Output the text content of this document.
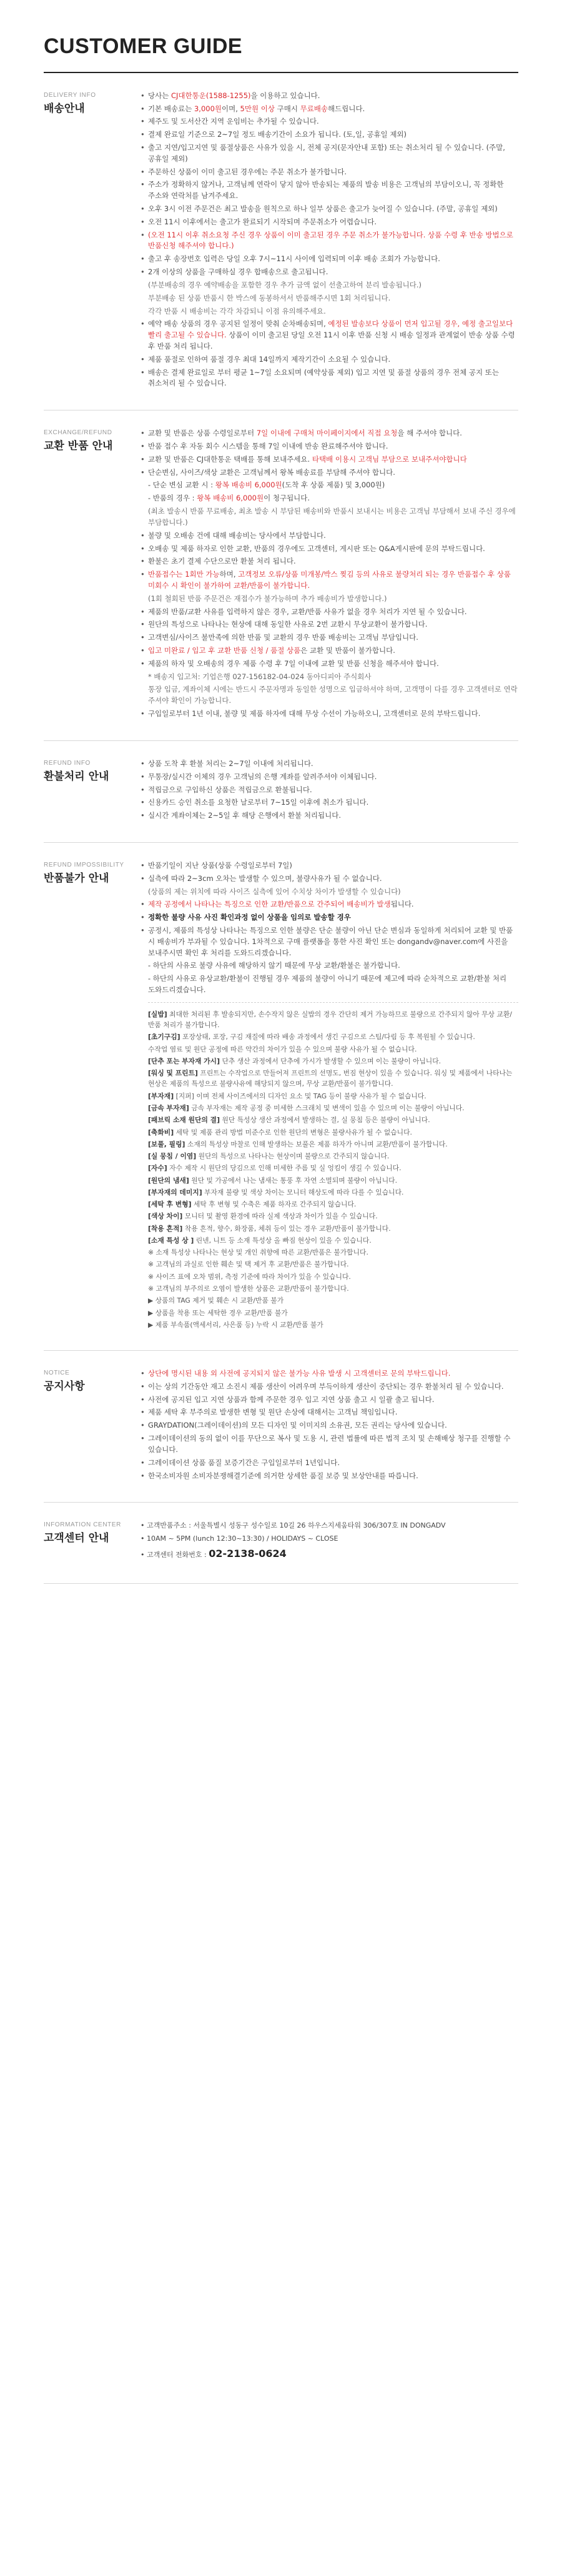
CUSTOMER GUIDE
DELIVERY INFO
배송안내
• 당사는 CJ대한통운(1588-1255)을 이용하고 있습니다.
• 기본 배송료는 3,000원이며, 5만원 이상 구매시 무료배송해드립니다.
• 제주도 및 도서산간 지역 운임비는 추가될 수 있습니다.
• 결제 완료일 기준으로 2~7일 정도 배송기간이 소요가 됩니다. (토,일, 공휴일 제외)
• 출고 지연/입고지연 및 품절상품은 사유가 있을 시, 전체 공지(문자안내 포함) 또는 취소처리 될 수 있습니다. (주말, 공휴일 제외)
• 주문하신 상품이 이미 출고된 경우에는 주문 취소가 불가합니다.
• 주소가 정확하지 않거나, 고객님께 연락이 닿지 않아 반송되는 제품의 발송 비용은 고객님의 부담이오니, 꼭 정확한 주소와 연락처를 남겨주세요.
• 오후 3시 이전 주문건은 최고 발송을 원칙으로 하나 일부 상품은 출고가 늦어질 수 있습니다. (주말, 공휴일 제외)
• 오전 11시 이후에서는 출고가 완료되기 시작되며 주문취소가 어렵습니다.
• (오전 11시 이후 취소요청 주신 경우 상품이 이미 출고된 경우 주문 취소가 불가능합니다. 상품 수령 후 반송 방법으로 반품신청 해주셔야 합니다.)
• 출고 후 송장번호 입력은 당일 오후 7시~11시 사이에 입력되며 이후 배송 조회가 가능합니다.
• 2개 이상의 상품을 구매하실 경우 합배송으로 출고됩니다.
(부분배송의 경우 예약배송을 포함한 경우 추가 금액 없이 선출고하여 분리 발송됩니다.)
부분배송 된 상품 반품시 한 박스에 동봉하셔서 반품해주시면 1회 처리됩니다.
각각 반품 시 배송비는 각각 차감되니 이점 유의해주세요.
• 예약 배송 상품의 경우 공지된 일정이 맞춰 순차배송되며, 예정된 발송보다 상품이 먼저 입고될 경우, 예정 출고일보다 빨리 출고될 수 있습니다. 상품이 이미 출고된 당일 오전 11시 이후 반품 신청 시 배송 일정과 관계없이 반송 상품 수령 후 반품 처리 됩니다.
• 제품 품절로 인하여 품절 경우 최대 14일까지 제작기간이 소요될 수 있습니다.
• 배송은 결제 완료일로 부터 평균 1~7일 소요되며 (예약상품 제외) 입고 지연 및 품절 상품의 경우 전체 공지 또는 취소처리 될 수 있습니다.
EXCHANGE/REFUND
교환 반품 안내
• 교환 및 반품은 상품 수령일로부터 7일 이내에 구매처 마이페이지에서 직접 요청을 해 주셔야 합니다.
• 반품 접수 후 자동 회수 시스템을 통해 7일 이내에 반송 완료해주셔야 합니다.
• 교환 및 반품은 CJ대한통운 택배를 통해 보내주세요. 타택배 이용시 고객님 부담으로 보내주셔야합니다
• 단순변심, 사이즈/색상 교환은 고객님께서 왕복 배송료를 부담해 주셔야 합니다.
- 단순 변심 교환 시 : 왕복 배송비 6,000원(도착 후 상품 제품) 및 3,000원)
- 반품의 경우 : 왕복 배송비 6,000원이 청구됩니다.
(최초 발송시 반품 무료배송, 최초 발송 시 부담된 배송비와 반품시 보내시는 비용은 고객님 부담해서 보내 주신 경우에 부담합니다.)
• 불량 및 오배송 건에 대해 배송비는 당사에서 부담합니다.
• 오배송 및 제품 하자로 인한 교환, 반품의 경우에도 고객센터, 게시판 또는 Q&A게시판에 문의 부탁드립니다.
• 환불은 초기 결제 수단으로만 환불 처리 됩니다.
• 반품접수는 1회만 가능하며, 고객정보 오류/상품 미개봉/박스 찢김 등의 사유로 불량처리 되는 경우 반품접수 후 상품 미회수 시 확인이 불가하여 교환/반품이 불가합니다.
(1회 철회된 반품 주문건은 재접수가 불가능하며 추가 배송비가 발생합니다.)
• 제품의 반품/교환 사유를 입력하지 않은 경우, 교환/반품 사유가 없을 경우 처리가 지연 될 수 있습니다.
• 원단의 특성으로 나타나는 현상에 대해 동일한 사유로 2번 교환시 무상교환이 불가합니다.
• 고객변심/사이즈 불만족에 의한 반품 및 교환의 경우 반품 배송비는 고객님 부담입니다.
• 입고 미완료 / 입고 후 교환 반품 신청 / 품절 상품은 교환 및 반품이 불가합니다.
• 제품의 하자 및 오배송의 경우 제품 수령 후 7일 이내에 교환 및 반품 신청을 해주셔야 합니다.
* 배송지 입고처: 기업은행 027-156182-04-024 동아디피아 주식회사
통장 입금, 계좌이체 시에는 반드시 주문자명과 동일한 성명으로 입금하셔야 하며, 고객명이 다를 경우 고객센터로 연락 주셔야 확인이 가능합니다.
• 구입일로부터 1년 이내, 불량 및 제품 하자에 대해 무상 수선이 가능하오니, 고객센터로 문의 부탁드립니다.
REFUND INFO
환불처리 안내
• 상품 도착 후 환불 처리는 2~7일 이내에 처리됩니다.
• 무통장/실시간 이체의 경우 고객님의 은행 계좌를 알려주셔야 이체됩니다.
• 적립금으로 구입하신 상품은 적립금으로 환불됩니다.
• 신용카드 승인 취소를 요청한 날로부터 7~15일 이후에 취소가 됩니다.
• 실시간 계좌이체는 2~5일 후 해당 은행에서 환불 처리됩니다.
REFUND IMPOSSIBILITY
반품불가 안내
• 반품기일이 지난 상품(상품 수령일로부터 7일)
• 실측에 따라 2~3cm 오차는 발생할 수 있으며, 불량사유가 될 수 없습니다.
(상품의 제는 위치에 따라 사이즈 실측에 있어 수치상 차이가 발생할 수 있습니다)
• 제작 공정에서 나타나는 특징으로 인한 교환/반품으로 간주되어 배송비가 발생됩니다.
• 정확한 불량 사유 사진 확인과정 없이 상품을 임의로 발송할 경우
• 공정시, 제품의 특성상 나타나는 특징으로 인한 불량은 단순 불량이 아닌 단순 변심과 동일하게 처리되어 교환 및 반품 시 배송비가 부과될 수 있습니다. 1차적으로 구매 플랫폼을 통한 사진 확인 또는 dongandv@naver.com에 사진을 보내주시면 확인 후 처리를 도와드리겠습니다.
- 하단의 사유로 불량 사유에 해당하지 않기 때문에 무상 교환/환불은 불가합니다.
- 하단의 사유로 유상교환/환불이 진행될 경우 제품의 불량이 아니기 때문에 제고에 따라 순차적으로 교환/환불 처리 도와드리겠습니다.

[실밥] 최대한 처리된 후 발송되지만, 손수작지 않은 실밥의 경우 간단히 제거 가능하므로 불량으로 간주되지 않아 무상 교환/반품 처리가 불가합니다.

[초기구김] 포장상태, 포장, 구김 재질에 따라 배송 과정에서 생긴 구김으로 스팀/다림 등 후 복원될 수 있습니다.

수작업 염료 및 원단 공정에 따른 약간의 차이가 있을 수 있으며 불량 사유가 될 수 없습니다.

[단추 포는 부자재 가시] 단추 생산 과정에서 단추에 가시가 발생할 수 있으며 이는 불량이 아닙니다.

[워싱 및 프린트] 프린트는 수작업으로 만들어져 프린트의 선명도, 번짐 현상이 있을 수 있습니다. 워싱 및 제품에서 나타나는 현상은 제품의 특성으로 불량사유에 해당되지 않으며, 무상 교환/반품이 불가합니다.

[부자재] [지퍼] 이며 전체 사이즈에서의 디자인 요소 및 TAG 등이 불량 사유가 될 수 없습니다.

[금속 부자재] 금속 부자재는 제작 공정 중 미세한 스크래치 및 변색이 있을 수 있으며 이는 불량이 아닙니다.

[패브릭 소재 원단의 결] 원단 특성상 생산 과정에서 발생하는 결, 실 뭉침 등은 불량이 아닙니다.

[축화비] 세탁 및 제품 관리 방법 미준수로 인한 원단의 변형은 불량사유가 될 수 없습니다.

[보풀, 필링] 소재의 특성상 마찰로 인해 발생하는 보풀은 제품 하자가 아니며 교환/반품이 불가합니다.

[실 뭉침 / 이염] 원단의 특성으로 나타나는 현상이며 불량으로 간주되지 않습니다.

[자수] 자수 제작 시 원단의 당김으로 인해 미세한 주름 및 실 엉킴이 생길 수 있습니다.

[원단의 냄새] 원단 및 가공에서 나는 냄새는 통풍 후 자연 소멸되며 불량이 아닙니다.

[부자재의 데미지] 부자재 불량 및 색상 차이는 모니터 해상도에 따라 다를 수 있습니다.

[세탁 후 변형] 세탁 후 변형 및 수축은 제품 하자로 간주되지 않습니다.

[색상 차이] 모니터 및 촬영 환경에 따라 실제 색상과 차이가 있을 수 있습니다.

[착용 흔적] 착용 흔적, 향수, 화장품, 체취 등이 있는 경우 교환/반품이 불가합니다.

[소재 특성 상 ] 린넨, 니트 등 소재 특성상 올 빠짐 현상이 있을 수 있습니다.

※ 소재 특성상 나타나는 현상 및 개인 취향에 따른 교환/반품은 불가합니다.

※ 고객님의 과실로 인한 훼손 및 택 제거 후 교환/반품은 불가합니다.

※ 사이즈 표에 오차 범위, 측정 기준에 따라 차이가 있을 수 있습니다.

※ 고객님의 부주의로 오염이 발생한 상품은 교환/반품이 불가합니다.

▶ 상품의 TAG 제거 및 훼손 시 교환/반품 불가

▶ 상품을 착용 또는 세탁한 경우 교환/반품 불가

▶ 제품 부속품(액세서리, 사은품 등) 누락 시 교환/반품 불가

NOTICE
공지사항
• 상단에 명시된 내용 외 사전에 공지되지 않은 불가능 사유 발생 시 고객센터로 문의 부탁드립니다.
• 이는 상의 기간동안 재고 소진시 제품 생산이 어려우며 부득이하게 생산이 중단되는 경우 환불처리 될 수 있습니다.
• 사전에 공지된 입고 지연 상품과 함께 주문한 경우 입고 지연 상품 출고 시 일괄 출고 됩니다.
• 제품 세탁 후 부주의로 발생한 변형 및 원단 손상에 대해서는 고객님 책임입니다.
• GRAYDATION(그레이데이션)의 모든 디자인 및 이미지의 소유권, 모든 권리는 당사에 있습니다.
• 그레이데이션의 동의 없이 이를 무단으로 복사 및 도용 시, 관련 법률에 따른 법적 조치 및 손해배상 청구를 진행할 수 있습니다.
• 그레이데이션 상품 품질 보증기간은 구입일로부터 1년입니다.
• 한국소비자원 소비자분쟁해결기준에 의거한 상세한 품질 보증 및 보상안내를 따릅니다.
INFORMATION CENTER
고객센터 안내

• 고객반품주소 : 서울특별시 성동구 성수일로 10길 26 하우스지세움타워 306/307호 IN DONGADV

• 10AM ~ 5PM (lunch 12:30~13:30) / HOLIDAYS ~ CLOSE

• 고객센터 전화번호 : 02-2138-0624
